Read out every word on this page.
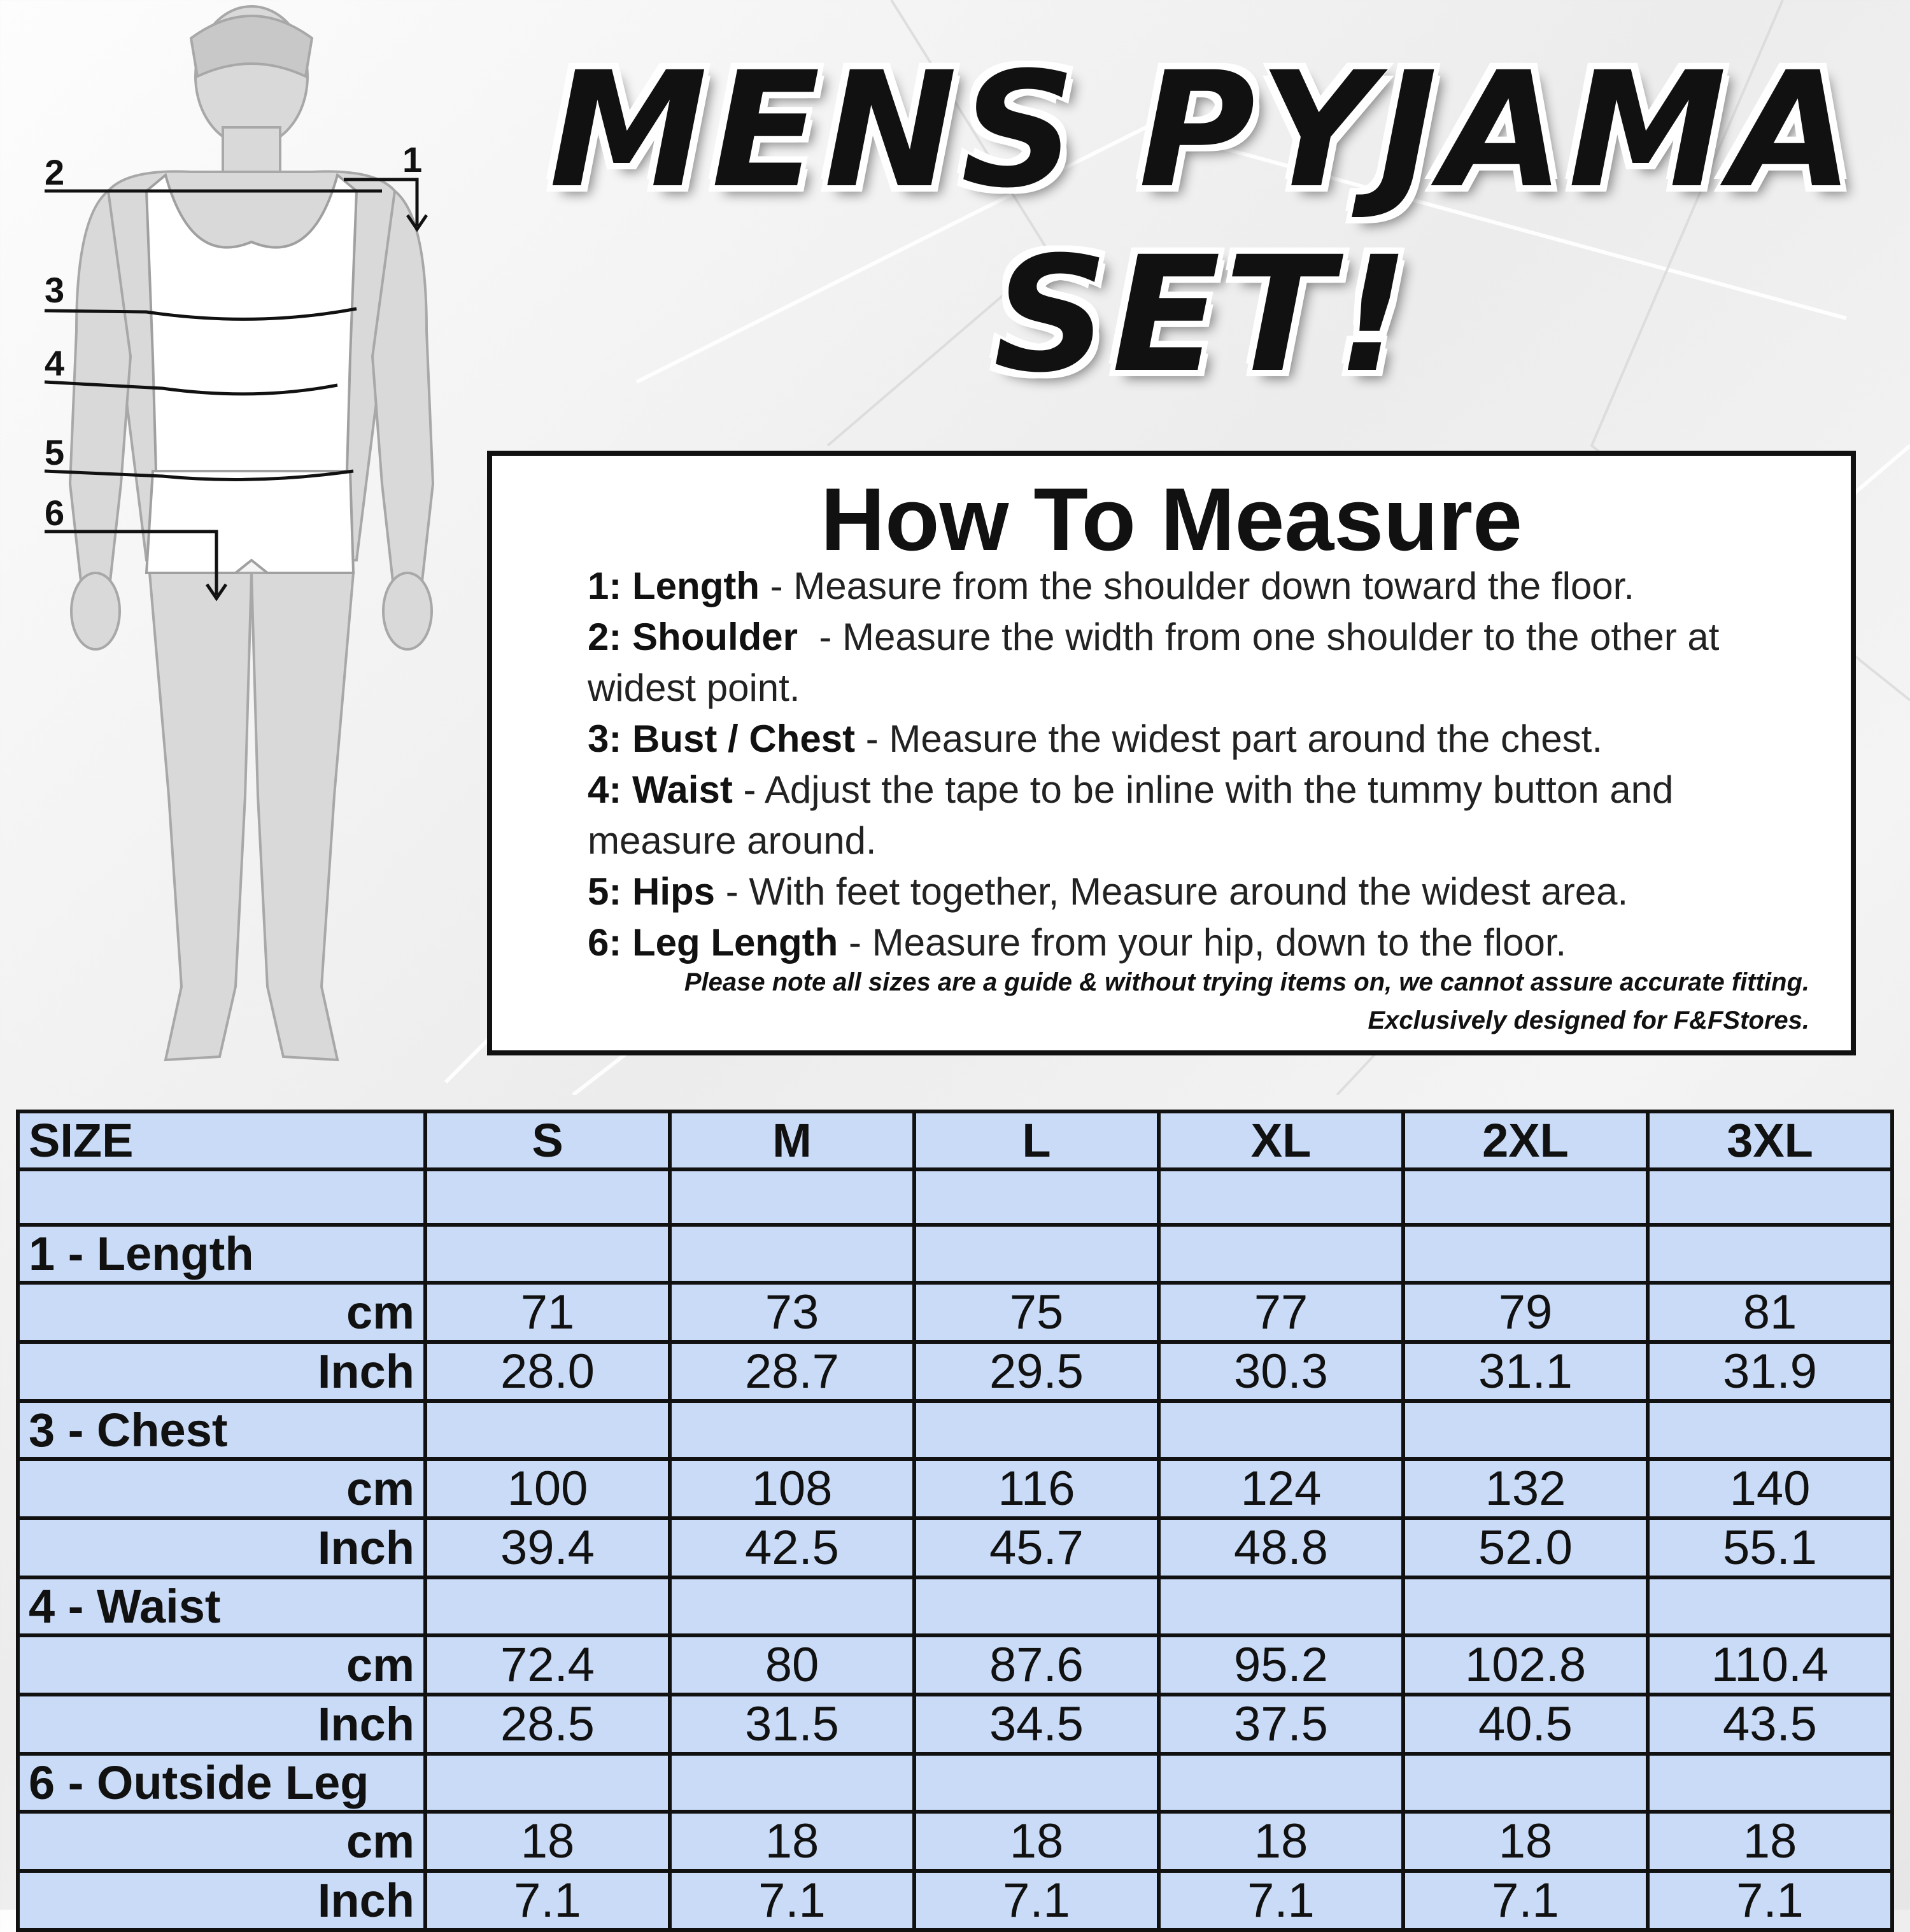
1
2
3
4
5
6
MENS PYJAMA
SET!
How To Measure
1: Length - Measure from the shoulder down toward the floor.
2: Shoulder  - Measure the width from one shoulder to the other at widest point.
3: Bust / Chest - Measure the widest part around the chest.
4: Waist - Adjust the tape to be inline with the tummy button and measure around.
5: Hips - With feet together, Measure around the widest area.
6: Leg Length - Measure from your hip, down to the floor.
Please note all sizes are a guide & without trying items on, we cannot assure accurate fitting.
Exclusively designed for F&FStores.
SIZE	S	M	L	XL	2XL	3XL

1 - Length						
cm	71	73	75	77	79	81
Inch	28.0	28.7	29.5	30.3	31.1	31.9
3 - Chest						
cm	100	108	116	124	132	140
Inch	39.4	42.5	45.7	48.8	52.0	55.1
4 - Waist						
cm	72.4	80	87.6	95.2	102.8	110.4
Inch	28.5	31.5	34.5	37.5	40.5	43.5
6 - Outside Leg						
cm	18	18	18	18	18	18
Inch	7.1	7.1	7.1	7.1	7.1	7.1
